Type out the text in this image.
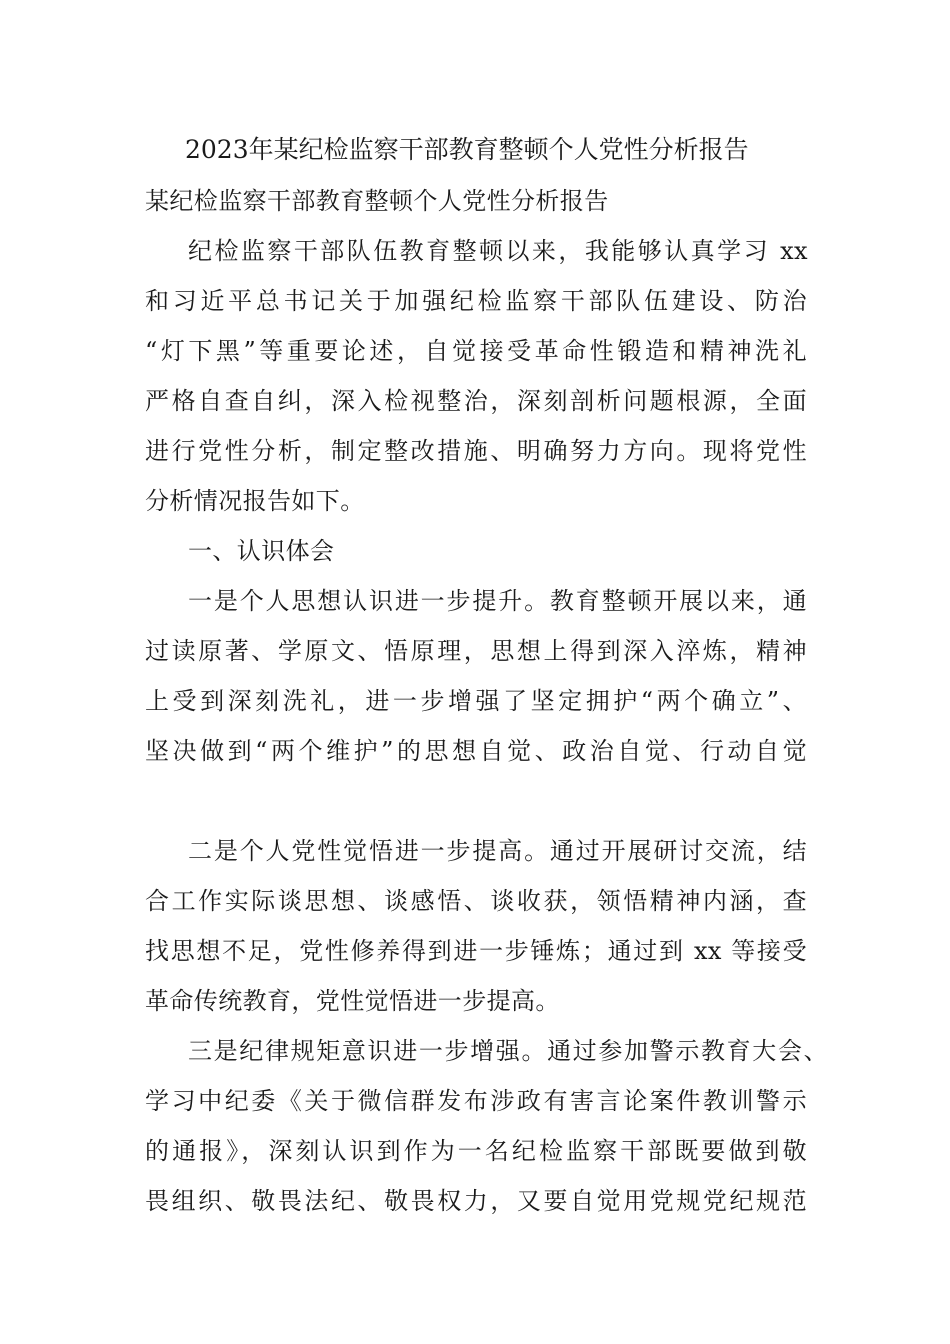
2023年某纪检监察干部教育整顿个人党性分析报告
某纪检监察干部教育整顿个人党性分析报告
纪检监察干部队伍教育整顿以来，我能够认真学习 xx
和习近平总书记关于加强纪检监察干部队伍建设、防治
“灯下黑”等重要论述，自觉接受革命性锻造和精神洗礼
严格自查自纠，深入检视整治，深刻剖析问题根源，全面
进行党性分析，制定整改措施、明确努力方向。现将党性
分析情况报告如下。
一、认识体会
一是个人思想认识进一步提升。教育整顿开展以来，通
过读原著、学原文、悟原理，思想上得到深入淬炼，精神
上受到深刻洗礼，进一步增强了坚定拥护“两个确立”、
坚决做到“两个维护”的思想自觉、政治自觉、行动自觉
二是个人党性觉悟进一步提高。通过开展研讨交流，结
合工作实际谈思想、谈感悟、谈收获，领悟精神内涵，查
找思想不足，党性修养得到进一步锤炼；通过到 xx 等接受
革命传统教育，党性觉悟进一步提高。
三是纪律规矩意识进一步增强。通过参加警示教育大会、
学习中纪委《关于微信群发布涉政有害言论案件教训警示
的通报》，深刻认识到作为一名纪检监察干部既要做到敬
畏组织、敬畏法纪、敬畏权力，又要自觉用党规党纪规范
